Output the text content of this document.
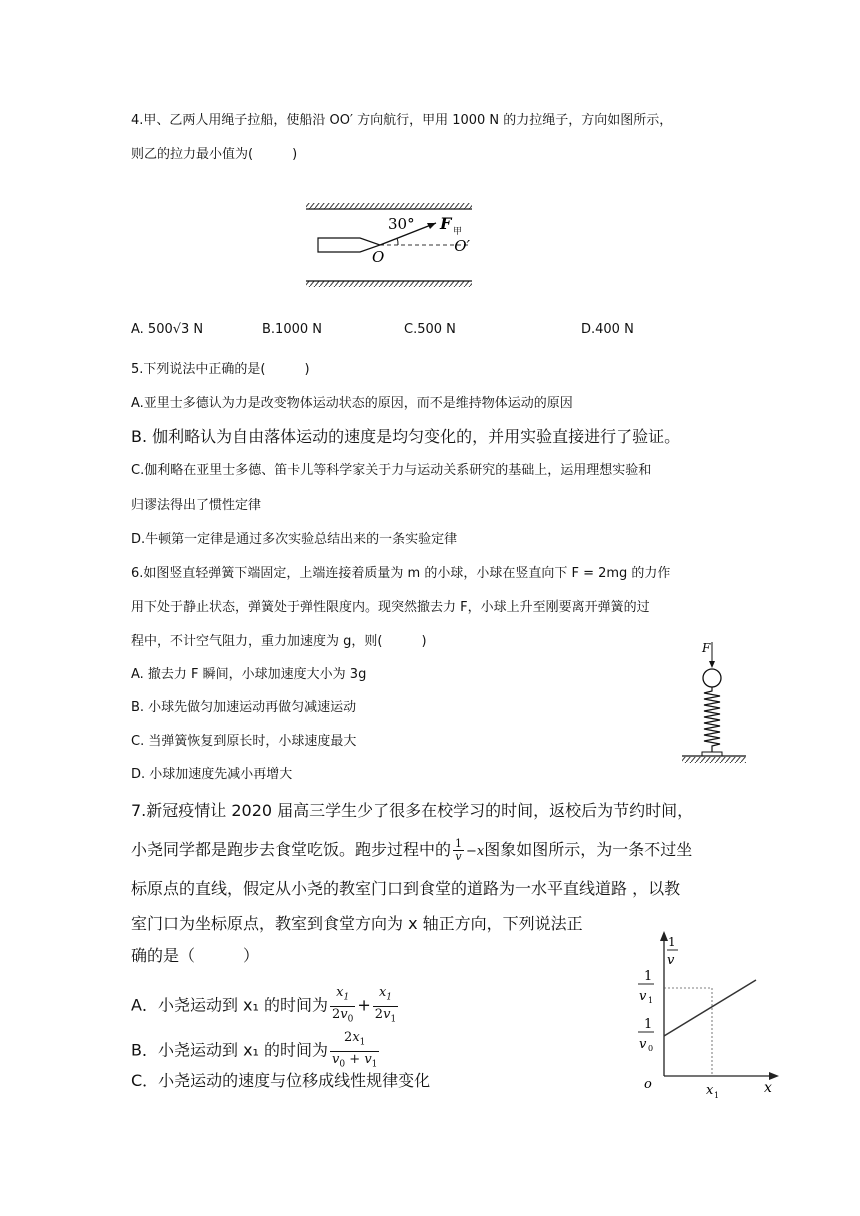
4.甲、乙两人用绳子拉船，使船沿 OO′ 方向航行，甲用 1000 N 的力拉绳子，方向如图所示，
则乙的拉力最小值为(　　　)
30° F 甲
O
O′
A. 500√3 N	B.1000 N	C.500 N	D.400 N
5.下列说法中正确的是(　　　)
A.亚里士多德认为力是改变物体运动状态的原因，而不是维持物体运动的原因
B. 伽利略认为自由落体运动的速度是均匀变化的，并用实验直接进行了验证。
C.伽利略在亚里士多德、笛卡儿等科学家关于力与运动关系研究的基础上，运用理想实验和
归谬法得出了惯性定律
D.牛顿第一定律是通过多次实验总结出来的一条实验定律
6.如图竖直轻弹簧下端固定，上端连接着质量为 m 的小球，小球在竖直向下 F = 2mg 的力作
用下处于静止状态，弹簧处于弹性限度内。现突然撤去力 F，小球上升至刚要离开弹簧的过
程中，不计空气阻力，重力加速度为 g，则(　　　)
A. 撤去力 F 瞬间，小球加速度大小为 3g
B. 小球先做匀加速运动再做匀减速运动
C. 当弹簧恢复到原长时，小球速度最大
D. 小球加速度先减小再增大
F
7.新冠疫情让 2020 届高三学生少了很多在校学习的时间，返校后为节约时间，
小尧同学都是跑步去食堂吃饭。跑步过程中的 $\frac{1}{v} -x$图象如图所示，为一条不过坐
标原点的直线，假定从小尧的教室门口到食堂的道路为一水平直线道路 ，以教
室门口为坐标原点，教室到食堂方向为 x 轴正方向，下列说法正
确的是（　　　）
A．小尧运动到 x₁ 的时间为 $\frac{x_1}{2v_0} + \frac{x_1}{2v_1}$
B．小尧运动到 x₁ 的时间为 $\frac{2x_1}{v_0 + v_1}$
C．小尧运动的速度与位移成线性规律变化
1
v
x
o
1
v 1
1
v 0
x 1
